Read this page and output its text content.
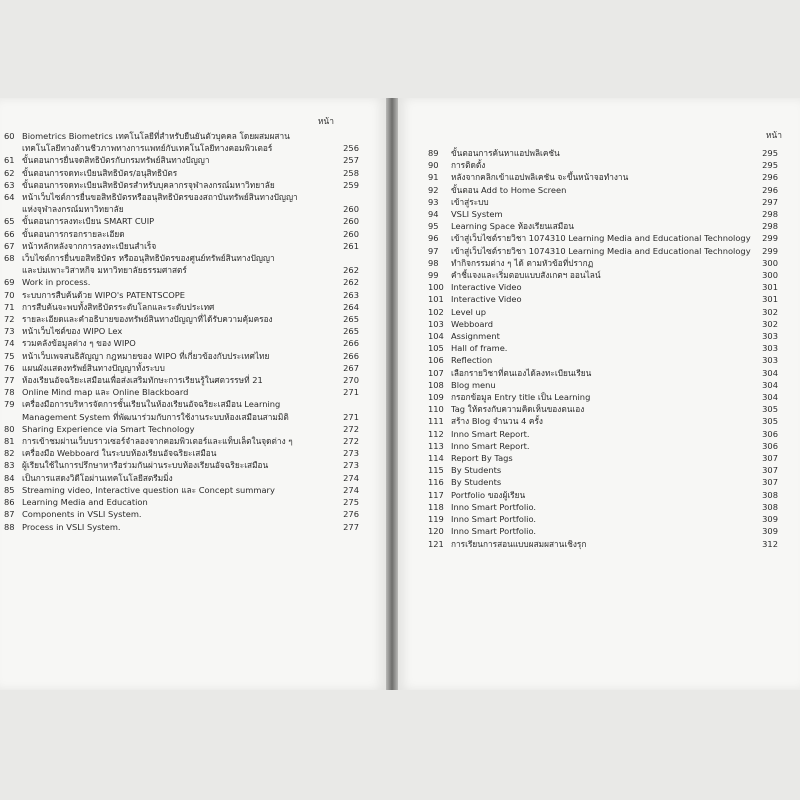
หน้า
60 Biometrics Biometrics เทคโนโลยีที่สำหรับยืนยันตัวบุคคล โดยผสมผสาน
เทคโนโลยีทางด้านชีวภาพทางการแพทย์กับเทคโนโลยีทางคอมพิวเตอร์	256
61 ขั้นตอนการยื่นจดสิทธิบัตรกับกรมทรัพย์สินทางปัญญา	257
62 ขั้นตอนการจดทะเบียนสิทธิบัตร/อนุสิทธิบัตร	258
63 ขั้นตอนการจดทะเบียนสิทธิบัตรสำหรับบุคลากรจุฬาลงกรณ์มหาวิทยาลัย	259
64 หน้าเว็บไซต์การยื่นขอสิทธิบัตรหรืออนุสิทธิบัตรของสถาบันทรัพย์สินทางปัญญา
แห่งจุฬาลงกรณ์มหาวิทยาลัย	260
65 ขั้นตอนการลงทะเบียน SMART CUIP	260
66 ขั้นตอนการกรอกรายละเอียด	260
67 หน้าหลักหลังจากการลงทะเบียนสำเร็จ	261
68 เว็บไซต์การยื่นขอสิทธิบัตร หรืออนุสิทธิบัตรของศูนย์ทรัพย์สินทางปัญญา
และบ่มเพาะวิสาหกิจ มหาวิทยาลัยธรรมศาสตร์	262
69 Work in process.	262
70 ระบบการสืบค้นด้วย WIPO's PATENTSCOPE	263
71 การสืบค้นจะพบทั้งสิทธิบัตรระดับโลกและระดับประเทศ	264
72 รายละเอียดและคำอธิบายของทรัพย์สินทางปัญญาที่ได้รับความคุ้มครอง	265
73 หน้าเว็บไซต์ของ WIPO Lex	265
74 รวมคลังข้อมูลต่าง ๆ ของ WIPO	266
75 หน้าเว็บเพจสนธิสัญญา กฎหมายของ WIPO ที่เกี่ยวข้องกับประเทศไทย	266
76 แผนผังแสดงทรัพย์สินทางปัญญาทั้งระบบ	267
77 ห้องเรียนอัจฉริยะเสมือนเพื่อส่งเสริมทักษะการเรียนรู้ในศตวรรษที่ 21	270
78 Online Mind map และ Online Blackboard	271
79 เครื่องมือการบริหารจัดการชั้นเรียนในห้องเรียนอัจฉริยะเสมือน Learning
Management System ที่พัฒนาร่วมกับการใช้งานระบบห้องเสมือนสามมิติ	271
80 Sharing Experience via Smart Technology	272
81 การเข้าชมผ่านเว็บบราวเซอร์จำลองจากคอมพิวเตอร์และแท็บเล็ตในจุดต่าง ๆ	272
82 เครื่องมือ Webboard ในระบบห้องเรียนอัจฉริยะเสมือน	273
83 ผู้เรียนใช้ในการปรึกษาหารือร่วมกันผ่านระบบห้องเรียนอัจฉริยะเสมือน	273
84 เป็นการแสดงวิดีโอผ่านเทคโนโลยีสตรีมมิ่ง	274
85 Streaming video, Interactive question และ Concept summary	274
86 Learning Media and Education	275
87 Components in VSLI System.	276
88 Process in VSLI System.	277
หน้า
89 ขั้นตอนการค้นหาแอปพลิเคชัน	295
90 การติดตั้ง	295
91 หลังจากคลิกเข้าแอปพลิเคชัน จะขึ้นหน้าจอทำงาน	296
92 ขั้นตอน Add to Home Screen	296
93 เข้าสู่ระบบ	297
94 VSLI System	298
95 Learning Space ห้องเรียนเสมือน	298
96 เข้าสู่เว็บไซต์รายวิชา 1074310 Learning Media and Educational Technology	299
97 เข้าสู่เว็บไซต์รายวิชา 1074310 Learning Media and Educational Technology	299
98 ทำกิจกรรมต่าง ๆ ได้ ตามหัวข้อที่ปรากฏ	300
99 คำชี้แจงและเริ่มตอบแบบสังเกตฯ ออนไลน์	300
100 Interactive Video	301
101 Interactive Video	301
102 Level up	302
103 Webboard	302
104 Assignment	303
105 Hall of frame.	303
106 Reflection	303
107 เลือกรายวิชาที่ตนเองได้ลงทะเบียนเรียน	304
108 Blog menu	304
109 กรอกข้อมูล Entry title เป็น Learning	304
110 Tag ให้ตรงกับความคิดเห็นของตนเอง	305
111 สร้าง Blog จำนวน 4 ครั้ง	305
112 Inno Smart Report.	306
113 Inno Smart Report.	306
114 Report By Tags	307
115 By Students	307
116 By Students	307
117 Portfolio ของผู้เรียน	308
118 Inno Smart Portfolio.	308
119 Inno Smart Portfolio.	309
120 Inno Smart Portfolio.	309
121 การเรียนการสอนแบบผสมผสานเชิงรุก	312
